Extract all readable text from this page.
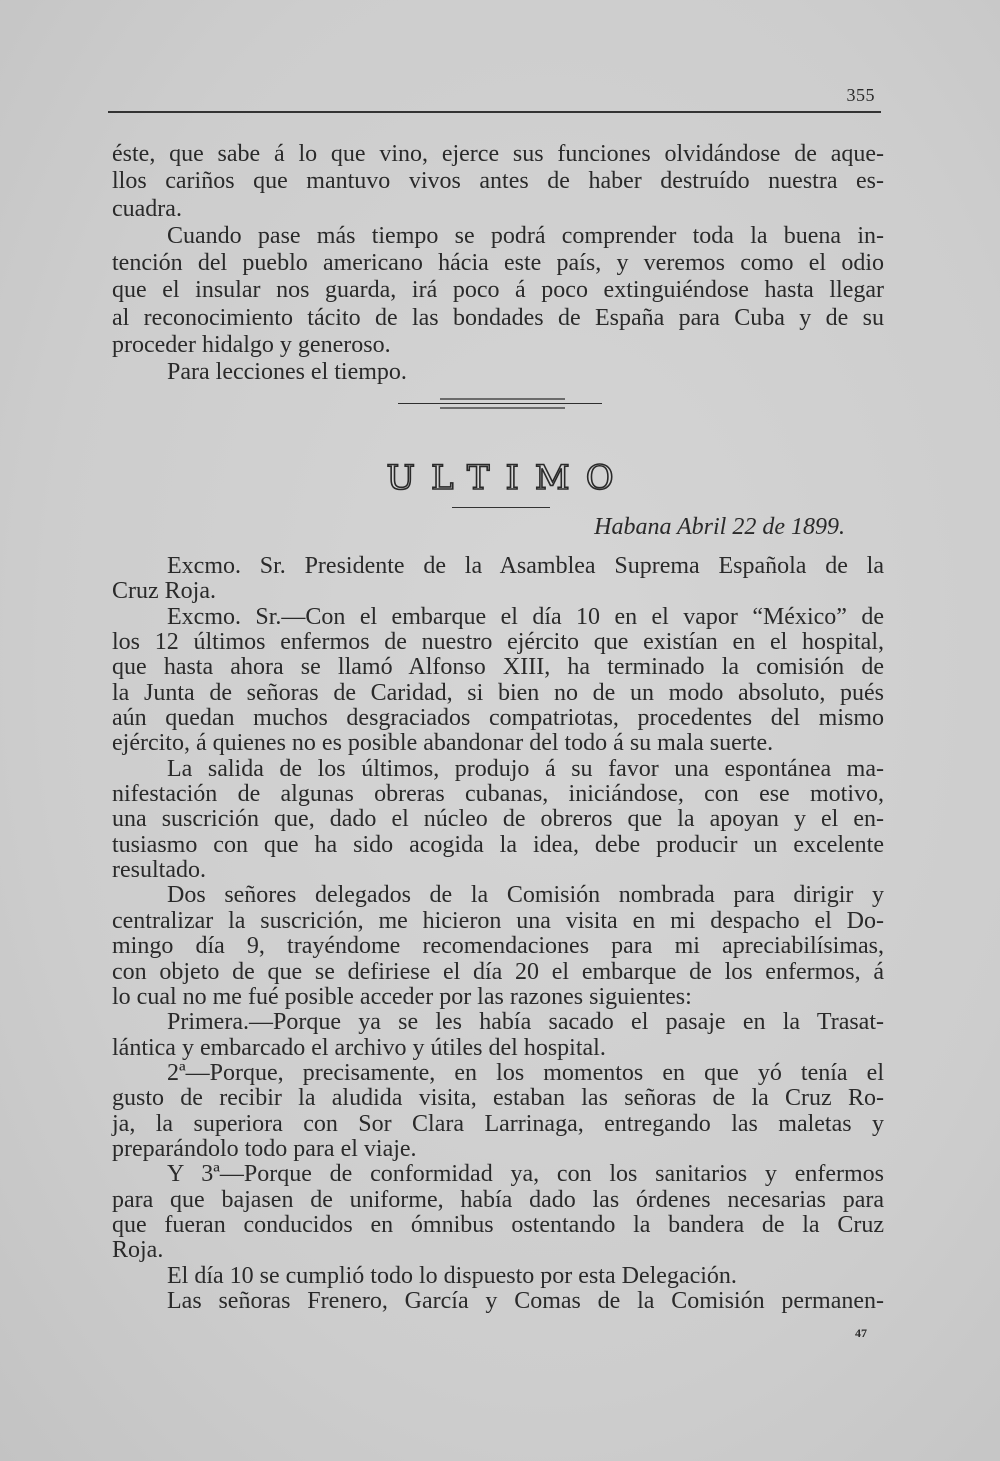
355
éste, que sabe á lo que vino, ejerce sus funciones olvidándose de aque-
llos cariños que mantuvo vivos antes de haber destruído nuestra es-
cuadra.
Cuando pase más tiempo se podrá comprender toda la buena in-
tención del pueblo americano hácia este país, y veremos como el odio
que el insular nos guarda, irá poco á poco extinguiéndose hasta llegar
al reconocimiento tácito de las bondades de España para Cuba y de su
proceder hidalgo y generoso.
Para lecciones el tiempo.
ULTIMO
Habana Abril 22 de 1899.
Excmo. Sr. Presidente de la Asamblea Suprema Española de la
Cruz Roja.
Excmo. Sr.—Con el embarque el día 10 en el vapor “México” de
los 12 últimos enfermos de nuestro ejército que existían en el hospital,
que hasta ahora se llamó Alfonso XIII, ha terminado la comisión de
la Junta de señoras de Caridad, si bien no de un modo absoluto, pués
aún quedan muchos desgraciados compatriotas, procedentes del mismo
ejército, á quienes no es posible abandonar del todo á su mala suerte.
La salida de los últimos, produjo á su favor una espontánea ma-
nifestación de algunas obreras cubanas, iniciándose, con ese motivo,
una suscrición que, dado el núcleo de obreros que la apoyan y el en-
tusiasmo con que ha sido acogida la idea, debe producir un excelente
resultado.
Dos señores delegados de la Comisión nombrada para dirigir y
centralizar la suscrición, me hicieron una visita en mi despacho el Do-
mingo día 9, trayéndome recomendaciones para mi apreciabilísimas,
con objeto de que se defiriese el día 20 el embarque de los enfermos, á
lo cual no me fué posible acceder por las razones siguientes:
Primera.—Porque ya se les había sacado el pasaje en la Trasat-
lántica y embarcado el archivo y útiles del hospital.
2ª—Porque, precisamente, en los momentos en que yó tenía el
gusto de recibir la aludida visita, estaban las señoras de la Cruz Ro-
ja, la superiora con Sor Clara Larrinaga, entregando las maletas y
preparándolo todo para el viaje.
Y 3ª—Porque de conformidad ya, con los sanitarios y enfermos
para que bajasen de uniforme, había dado las órdenes necesarias para
que fueran conducidos en ómnibus ostentando la bandera de la Cruz
Roja.
El día 10 se cumplió todo lo dispuesto por esta Delegación.
Las señoras Frenero, García y Comas de la Comisión permanen-
47
